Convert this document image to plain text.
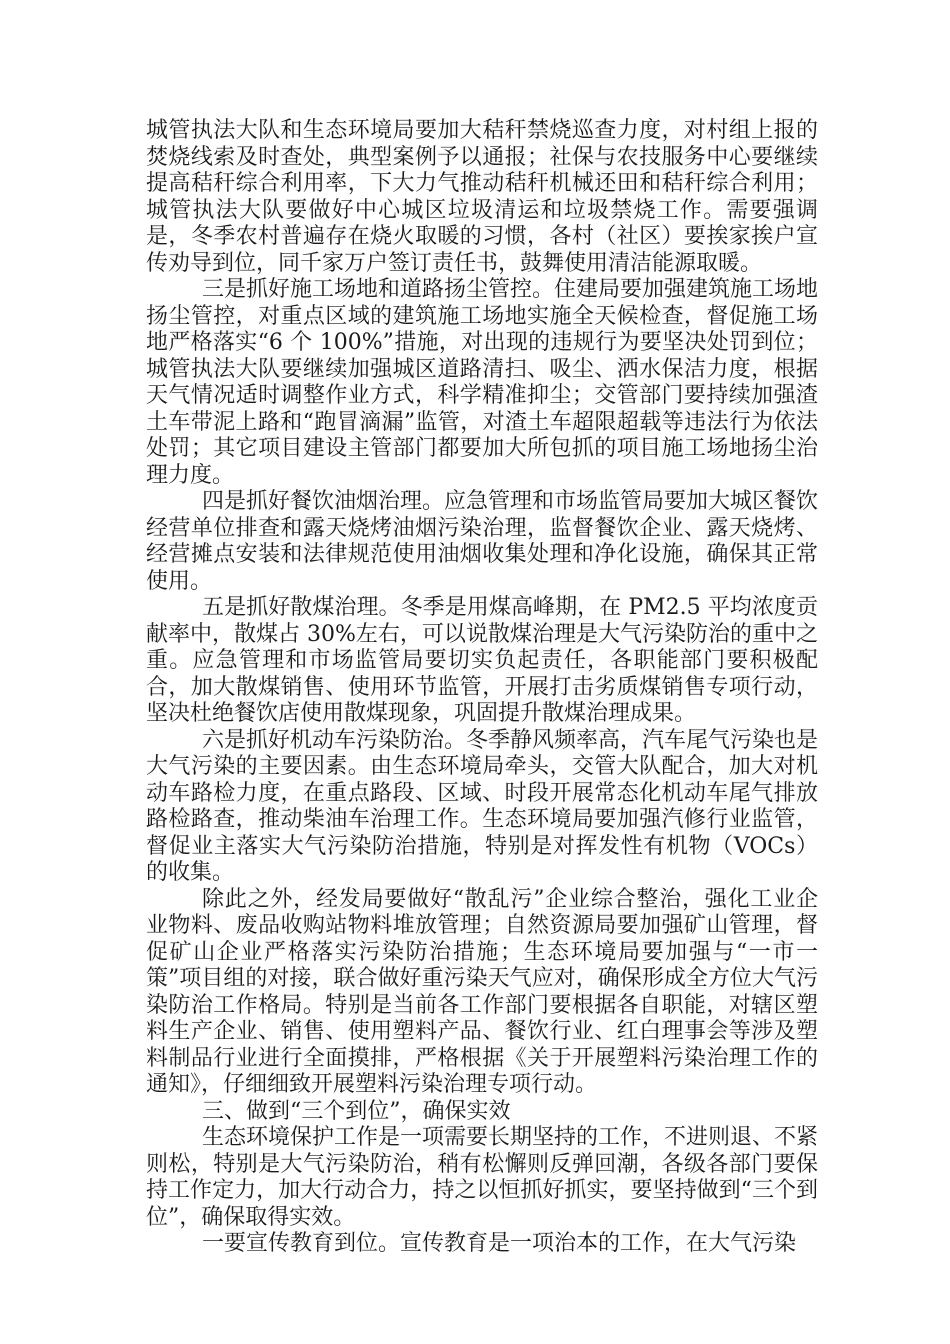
城管执法大队和生态环境局要加大秸秆禁烧巡查力度，对村组上报的焚烧线索及时查处，典型案例予以通报；社保与农技服务中心要继续提高秸秆综合利用率，下大力气推动秸秆机械还田和秸秆综合利用；城管执法大队要做好中心城区垃圾清运和垃圾禁烧工作。需要强调是，冬季农村普遍存在烧火取暖的习惯，各村（社区）要挨家挨户宣传劝导到位，同千家万户签订责任书，鼓舞使用清洁能源取暖。

三是抓好施工场地和道路扬尘管控。住建局要加强建筑施工场地扬尘管控，对重点区域的建筑施工场地实施全天候检查，督促施工场地严格落实“6 个 100%”措施，对出现的违规行为要坚决处罚到位；城管执法大队要继续加强城区道路清扫、吸尘、洒水保洁力度，根据天气情况适时调整作业方式，科学精准抑尘；交管部门要持续加强渣土车带泥上路和“跑冒滴漏”监管，对渣土车超限超载等违法行为依法处罚；其它项目建设主管部门都要加大所包抓的项目施工场地扬尘治理力度。

四是抓好餐饮油烟治理。应急管理和市场监管局要加大城区餐饮经营单位排查和露天烧烤油烟污染治理，监督餐饮企业、露天烧烤、经营摊点安装和法律规范使用油烟收集处理和净化设施，确保其正常使用。

五是抓好散煤治理。冬季是用煤高峰期，在 PM2.5 平均浓度贡献率中，散煤占 30%左右，可以说散煤治理是大气污染防治的重中之重。应急管理和市场监管局要切实负起责任，各职能部门要积极配合，加大散煤销售、使用环节监管，开展打击劣质煤销售专项行动，坚决杜绝餐饮店使用散煤现象，巩固提升散煤治理成果。

六是抓好机动车污染防治。冬季静风频率高，汽车尾气污染也是大气污染的主要因素。由生态环境局牵头，交管大队配合，加大对机动车路检力度，在重点路段、区域、时段开展常态化机动车尾气排放路检路查，推动柴油车治理工作。生态环境局要加强汽修行业监管，督促业主落实大气污染防治措施，特别是对挥发性有机物（VOCs）的收集。

除此之外，经发局要做好“散乱污”企业综合整治，强化工业企业物料、废品收购站物料堆放管理；自然资源局要加强矿山管理，督促矿山企业严格落实污染防治措施；生态环境局要加强与“一市一策”项目组的对接，联合做好重污染天气应对，确保形成全方位大气污染防治工作格局。特别是当前各工作部门要根据各自职能，对辖区塑料生产企业、销售、使用塑料产品、餐饮行业、红白理事会等涉及塑料制品行业进行全面摸排，严格根据《关于开展塑料污染治理工作的通知》，仔细细致开展塑料污染治理专项行动。

三、做到“三个到位”，确保实效

生态环境保护工作是一项需要长期坚持的工作，不进则退、不紧则松，特别是大气污染防治，稍有松懈则反弹回潮，各级各部门要保持工作定力，加大行动合力，持之以恒抓好抓实，要坚持做到“三个到位”，确保取得实效。

一要宣传教育到位。宣传教育是一项治本的工作，在大气污染
